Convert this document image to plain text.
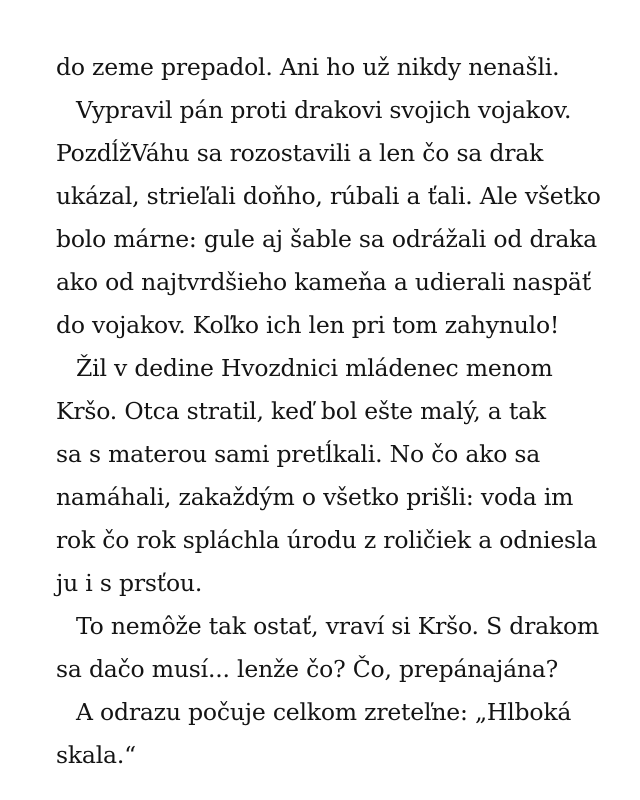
do zeme prepadol. Ani ho už nikdy nenašli.
Vypravil pán proti drakovi svojich vojakov.
PozdĺžVáhu sa rozostavili a len čo sa drak
ukázal, strieľali doňho, rúbali a ťali. Ale všetko
bolo márne: gule aj šable sa odrážali od draka
ako od najtvrdšieho kameňa a udierali naspäť
do vojakov. Koľko ich len pri tom zahynulo!
Žil v dedine Hvozdnici mládenec menom
Kršo. Otca stratil, keď bol ešte malý, a tak
sa s materou sami pretĺkali. No čo ako sa
namáhali, zakaždým o všetko prišli: voda im
rok čo rok spláchla úrodu z roličiek a odniesla
ju i s prsťou.
To nemôže tak ostať, vraví si Kršo. S drakom
sa dačo musí... lenže čo? Čo, prepánajána?
A odrazu počuje celkom zreteľne: „Hlboká
skala.“
